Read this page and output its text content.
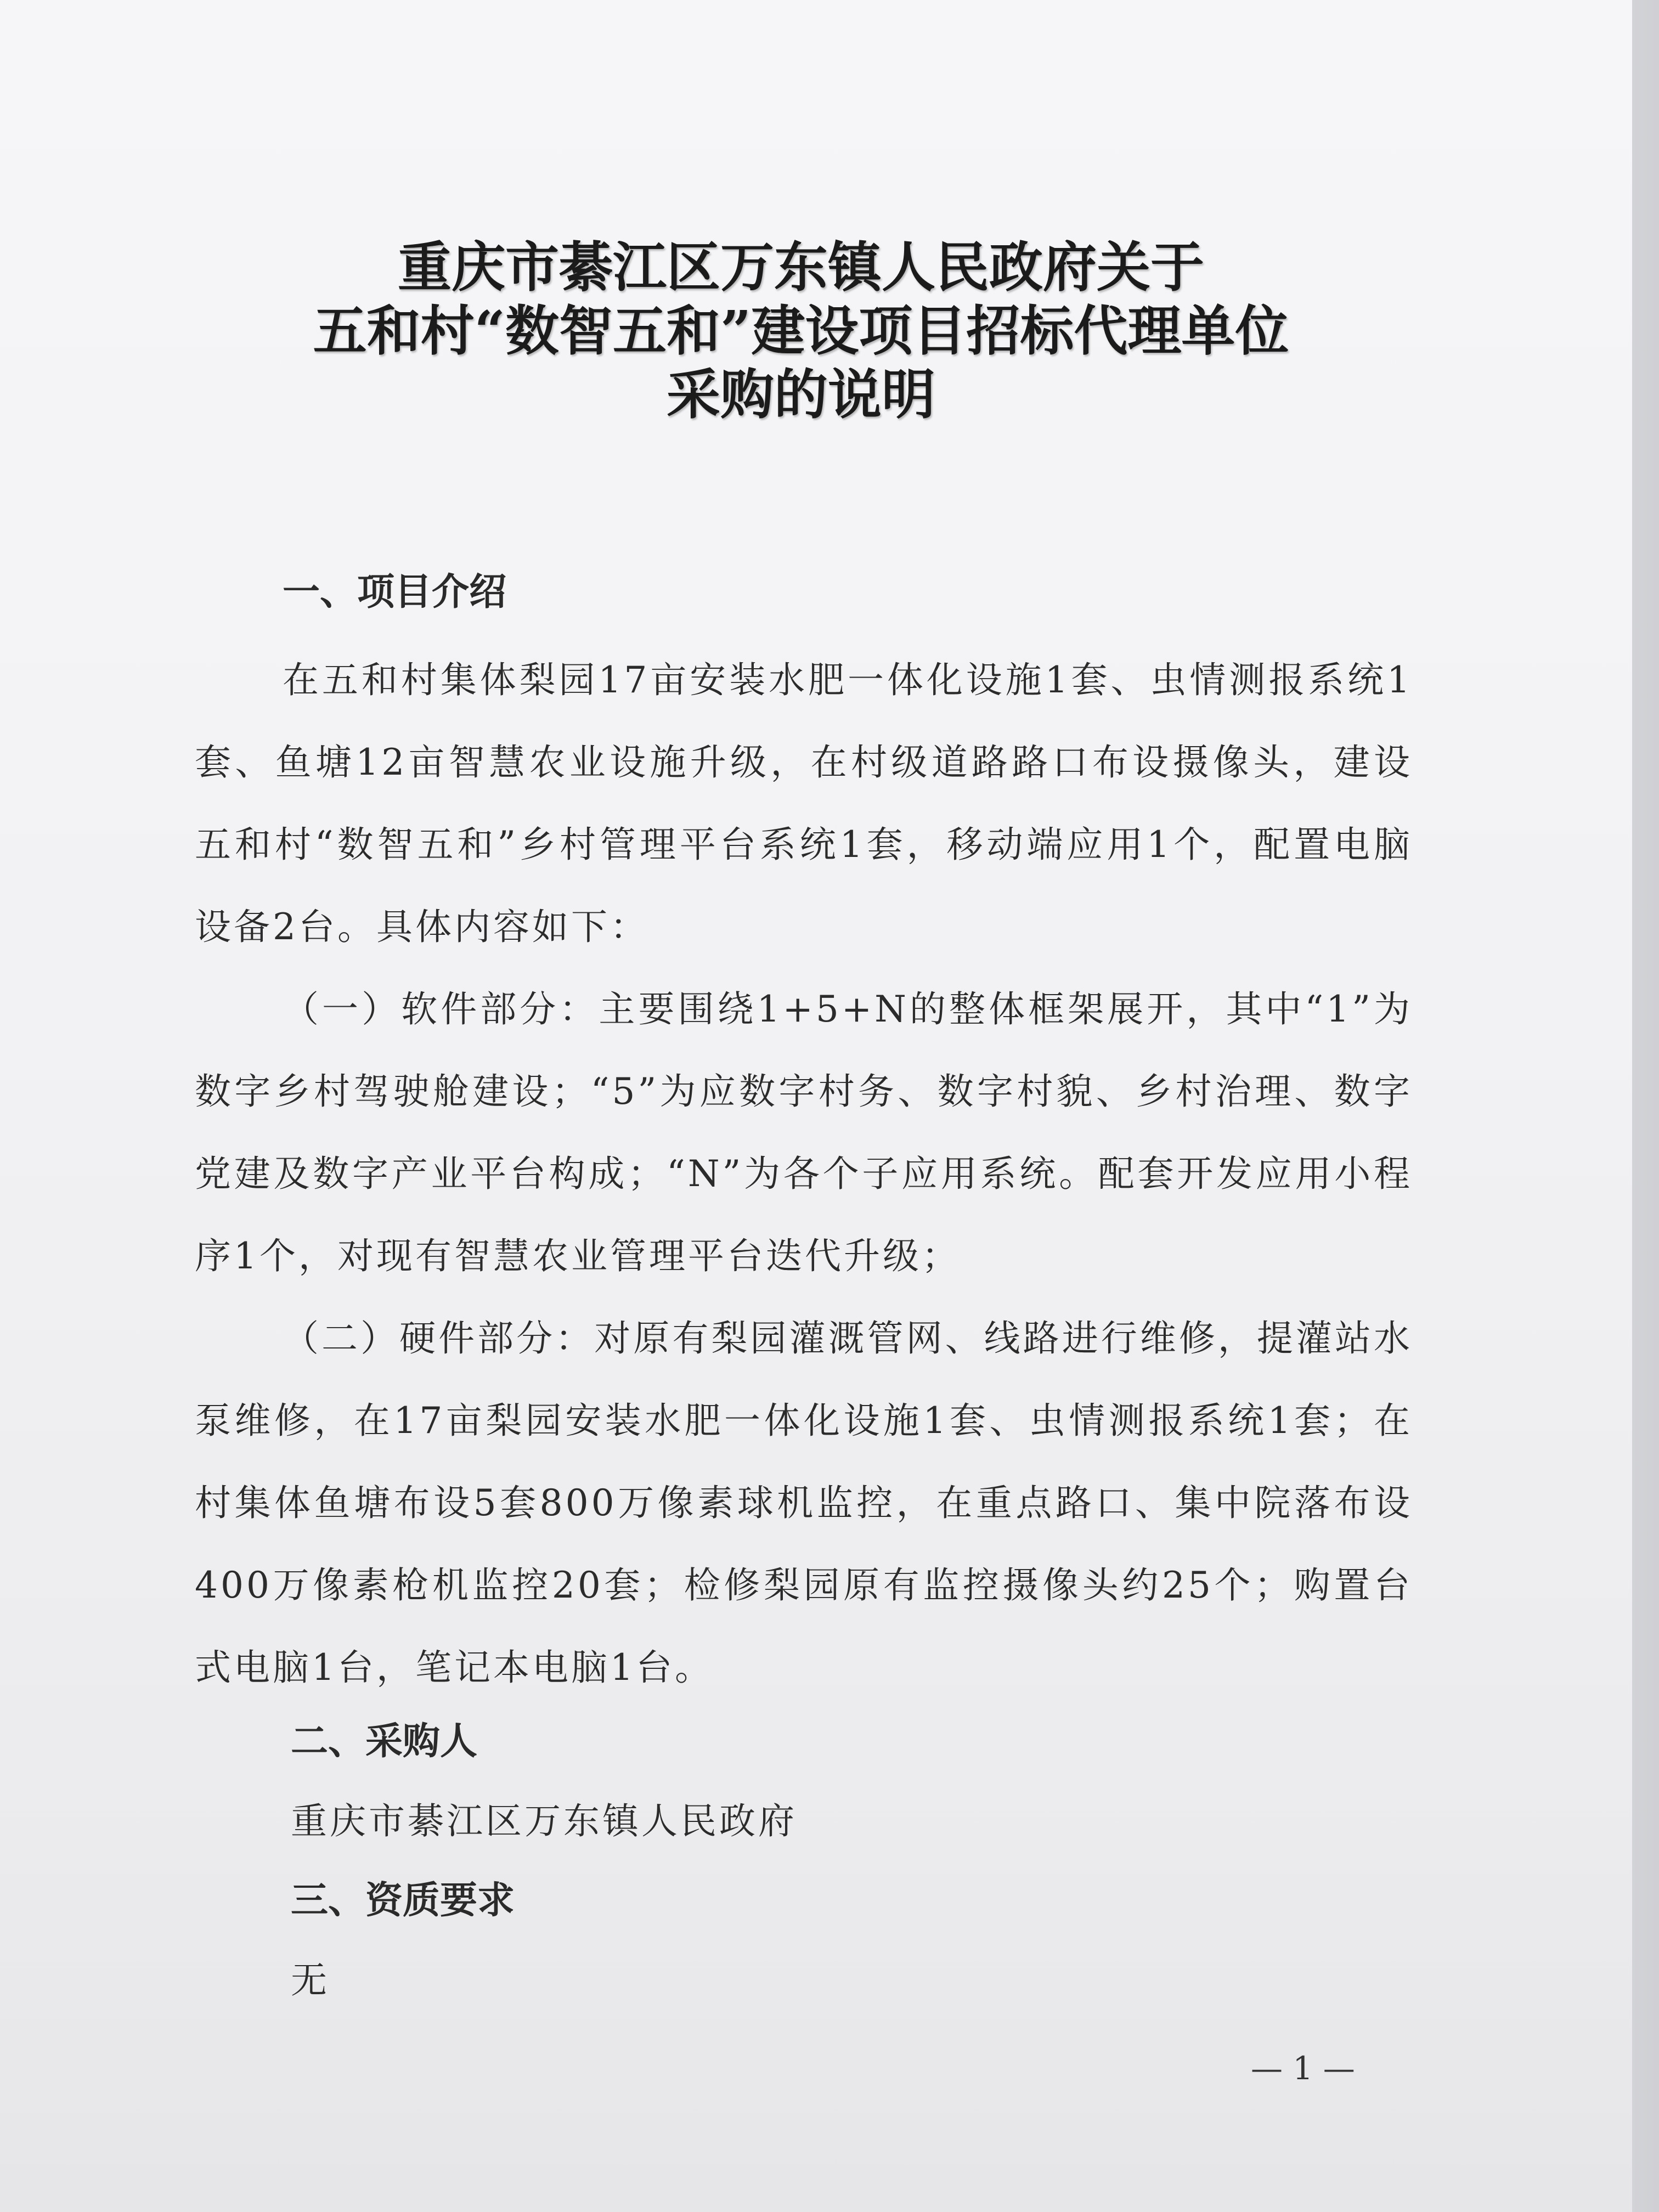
重庆市綦江区万东镇人民政府关于
五和村“数智五和”建设项目招标代理单位
采购的说明
一、项目介绍

在五和村集体梨园17亩安装水肥一体化设施1套、虫情测报系统1套、鱼塘12亩智慧农业设施升级，在村级道路路口布设摄像头，建设五和村“数智五和”乡村管理平台系统1套，移动端应用1个，配置电脑设备2台。具体内容如下：

（一）软件部分：主要围绕1+5+N的整体框架展开，其中“1”为数字乡村驾驶舱建设；“5”为应数字村务、数字村貌、乡村治理、数字党建及数字产业平台构成；“N”为各个子应用系统。配套开发应用小程序1个，对现有智慧农业管理平台迭代升级；

（二）硬件部分：对原有梨园灌溉管网、线路进行维修，提灌站水泵维修，在17亩梨园安装水肥一体化设施1套、虫情测报系统1套；在村集体鱼塘布设5套800万像素球机监控，在重点路口、集中院落布设400万像素枪机监控20套；检修梨园原有监控摄像头约25个；购置台式电脑1台，笔记本电脑1台。

二、采购人
重庆市綦江区万东镇人民政府
三、资质要求
无
— 1 —
